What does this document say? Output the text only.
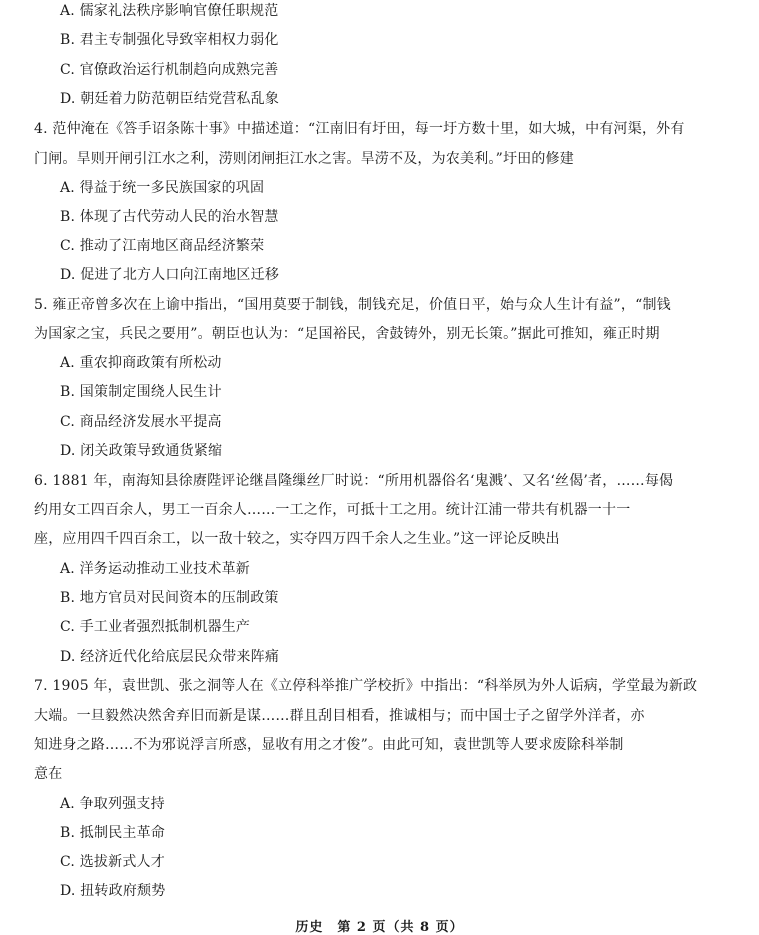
A. 儒家礼法秩序影响官僚任职规范
B. 君主专制强化导致宰相权力弱化
C. 官僚政治运行机制趋向成熟完善
D. 朝廷着力防范朝臣结党营私乱象
4. 范仲淹在《答手诏条陈十事》中描述道：“江南旧有圩田，每一圩方数十里，如大城，中有河渠，外有
门闸。旱则开闸引江水之利，涝则闭闸拒江水之害。旱涝不及，为农美利。”圩田的修建
A. 得益于统一多民族国家的巩固
B. 体现了古代劳动人民的治水智慧
C. 推动了江南地区商品经济繁荣
D. 促进了北方人口向江南地区迁移
5. 雍正帝曾多次在上谕中指出，“国用莫要于制钱，制钱充足，价值日平，始与众人生计有益”，“制钱
为国家之宝，兵民之要用”。朝臣也认为：“足国裕民，舍鼓铸外，别无长策。”据此可推知，雍正时期
A. 重农抑商政策有所松动
B. 国策制定围绕人民生计
C. 商品经济发展水平提高
D. 闭关政策导致通货紧缩
6. 1881 年，南海知县徐赓陛评论继昌隆缫丝厂时说：“所用机器俗名‘鬼溅’、又名‘丝偈’者，……每偈
约用女工四百余人，男工一百余人……一工之作，可抵十工之用。统计江浦一带共有机器一十一
座，应用四千四百余工，以一敌十较之，实夺四万四千余人之生业。”这一评论反映出
A. 洋务运动推动工业技术革新
B. 地方官员对民间资本的压制政策
C. 手工业者强烈抵制机器生产
D. 经济近代化给底层民众带来阵痛
7. 1905 年，袁世凯、张之洞等人在《立停科举推广学校折》中指出：“科举夙为外人诟病，学堂最为新政
大端。一旦毅然决然舍弃旧而新是谋……群且刮目相看，推诚相与；而中国士子之留学外洋者，亦
知进身之路……不为邪说浮言所惑，显收有用之才俊”。由此可知，袁世凯等人要求废除科举制
意在
A. 争取列强支持
B. 抵制民主革命
C. 选拔新式人才
D. 扭转政府颓势
历史　第 2 页（共 8 页）
